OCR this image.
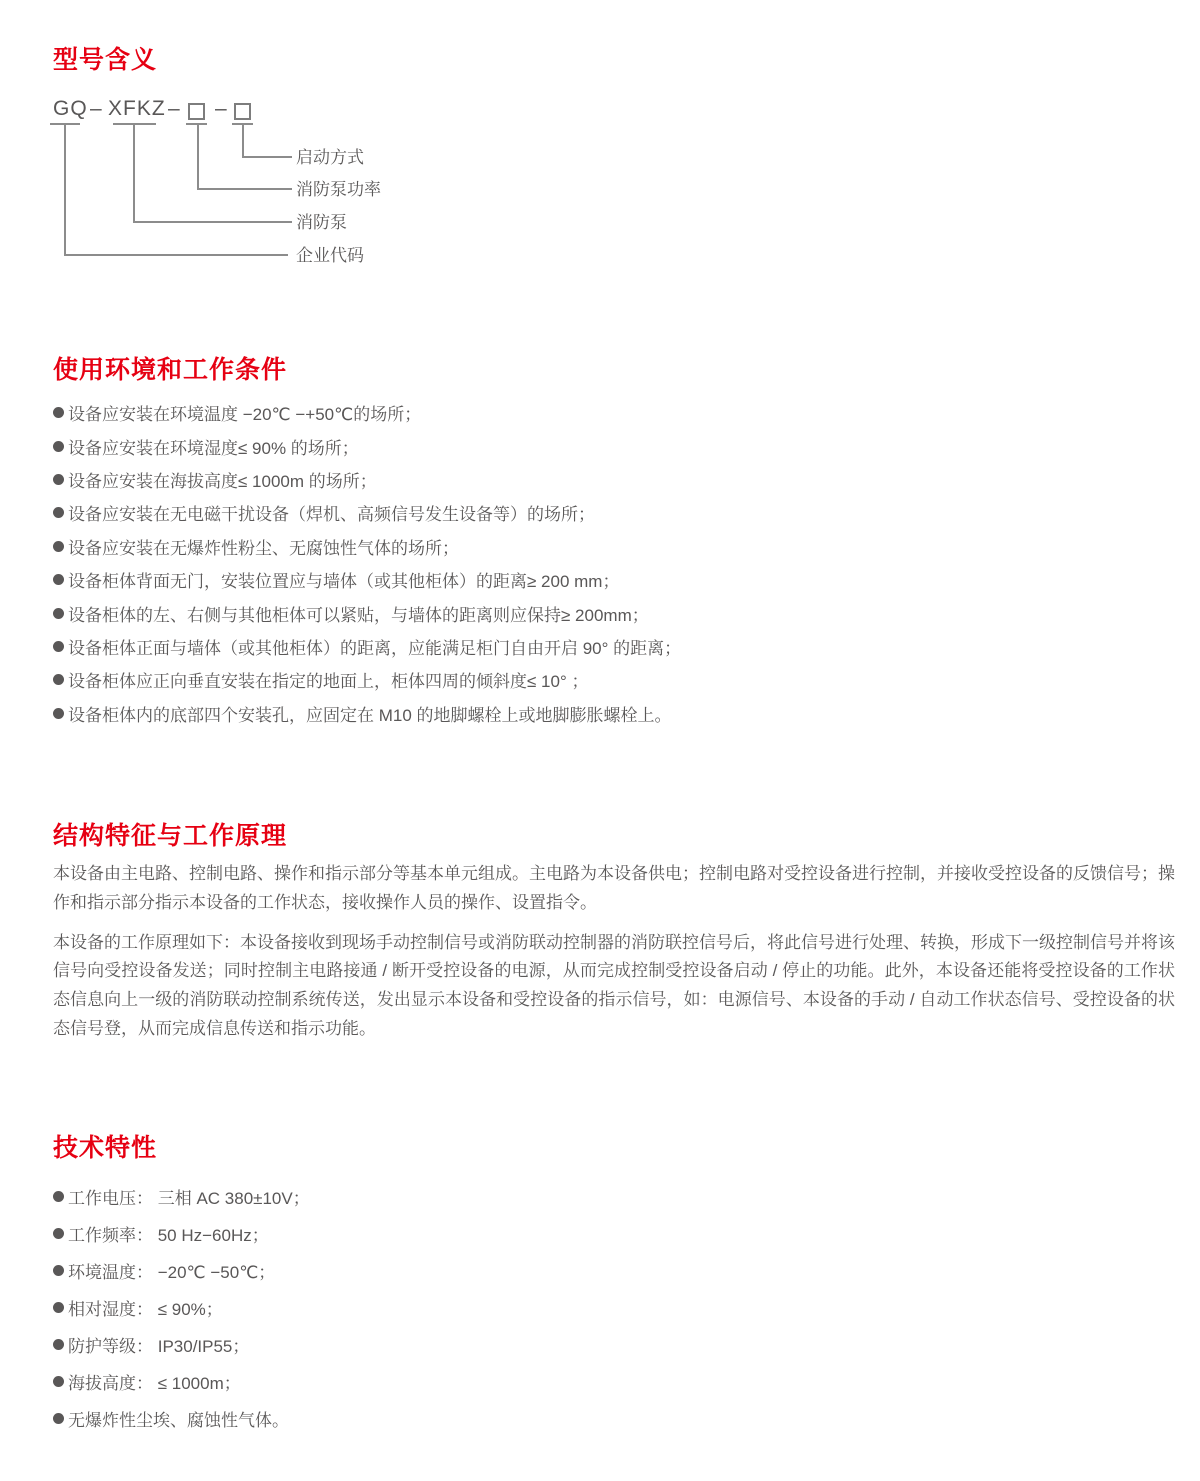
型号含义
GQ – XFKZ – –
启动方式
消防泵功率
消防泵
企业代码
使用环境和工作条件
设备应安装在环境温度 −20℃ −+50℃的场所；
设备应安装在环境湿度≤ 90% 的场所；
设备应安装在海拔高度≤ 1000m 的场所；
设备应安装在无电磁干扰设备（焊机、高频信号发生设备等）的场所；
设备应安装在无爆炸性粉尘、无腐蚀性气体的场所；
设备柜体背面无门，安装位置应与墙体（或其他柜体）的距离≥ 200 mm；
设备柜体的左、右侧与其他柜体可以紧贴，与墙体的距离则应保持≥ 200mm；
设备柜体正面与墙体（或其他柜体）的距离，应能满足柜门自由开启 90° 的距离；
设备柜体应正向垂直安装在指定的地面上，柜体四周的倾斜度≤ 10° ；
设备柜体内的底部四个安装孔，应固定在 M10 的地脚螺栓上或地脚膨胀螺栓上。
结构特征与工作原理

本设备由主电路、控制电路、操作和指示部分等基本单元组成。主电路为本设备供电；控制电路对受控设备进行控制，并接收受控设备的反馈信号；操作和指示部分指示本设备的工作状态，接收操作人员的操作、设置指令。

本设备的工作原理如下：本设备接收到现场手动控制信号或消防联动控制器的消防联控信号后，将此信号进行处理、转换，形成下一级控制信号并将该信号向受控设备发送；同时控制主电路接通 / 断开受控设备的电源，从而完成控制受控设备启动 / 停止的功能。此外，本设备还能将受控设备的工作状态信息向上一级的消防联动控制系统传送，发出显示本设备和受控设备的指示信号，如：电源信号、本设备的手动 / 自动工作状态信号、受控设备的状态信号登，从而完成信息传送和指示功能。

技术特性
工作电压： 三相 AC 380±10V；
工作频率： 50 Hz−60Hz；
环境温度： −20℃ −50℃；
相对湿度： ≤ 90%；
防护等级： IP30/IP55；
海拔高度： ≤ 1000m；
无爆炸性尘埃、腐蚀性气体。
